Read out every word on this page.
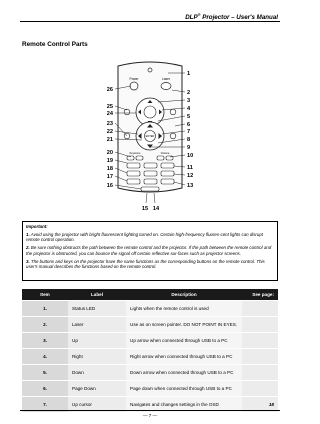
DLP® Projector – User's Manual
Remote Control Parts
Power	Laser
ENTER
Keystone	Volume
1
2
3
4
5
6
7
8
9
10
11
12
13
26
25
24
23
22
21
20
19
18
17
16
15 14

Important:

1. Avoid using the projector with bright fluorescent lighting turned on. Certain high-frequency fluores-cent lights can disrupt remote control operation.

2. Be sure nothing obstructs the path between the remote control and the projector. If the path between the remote control and the projector is obstructed, you can bounce the signal off certain reflective sur-faces such as projector screens.

3. The buttons and keys on the projector have the same functions as the corresponding buttons on the remote control. This user's manual describes the functions based on the remote control.

Item	Label	Description	See page:
1.	Status LED	Lights when the remote control is used	
2.	Laser	Use as on screen pointer. DO NOT POINT IN EYES.	
3.	Up	Up arrow when connected through USB to a PC	
4.	Right	Right arrow when connected through USB to a PC	
5.	Down	Down arrow when connected through USB to a PC	
6.	Page Down	Page down when connected through USB to a PC	
7.	Up cursor	Navigates and changes settings in the OSD	18
— 7 —
